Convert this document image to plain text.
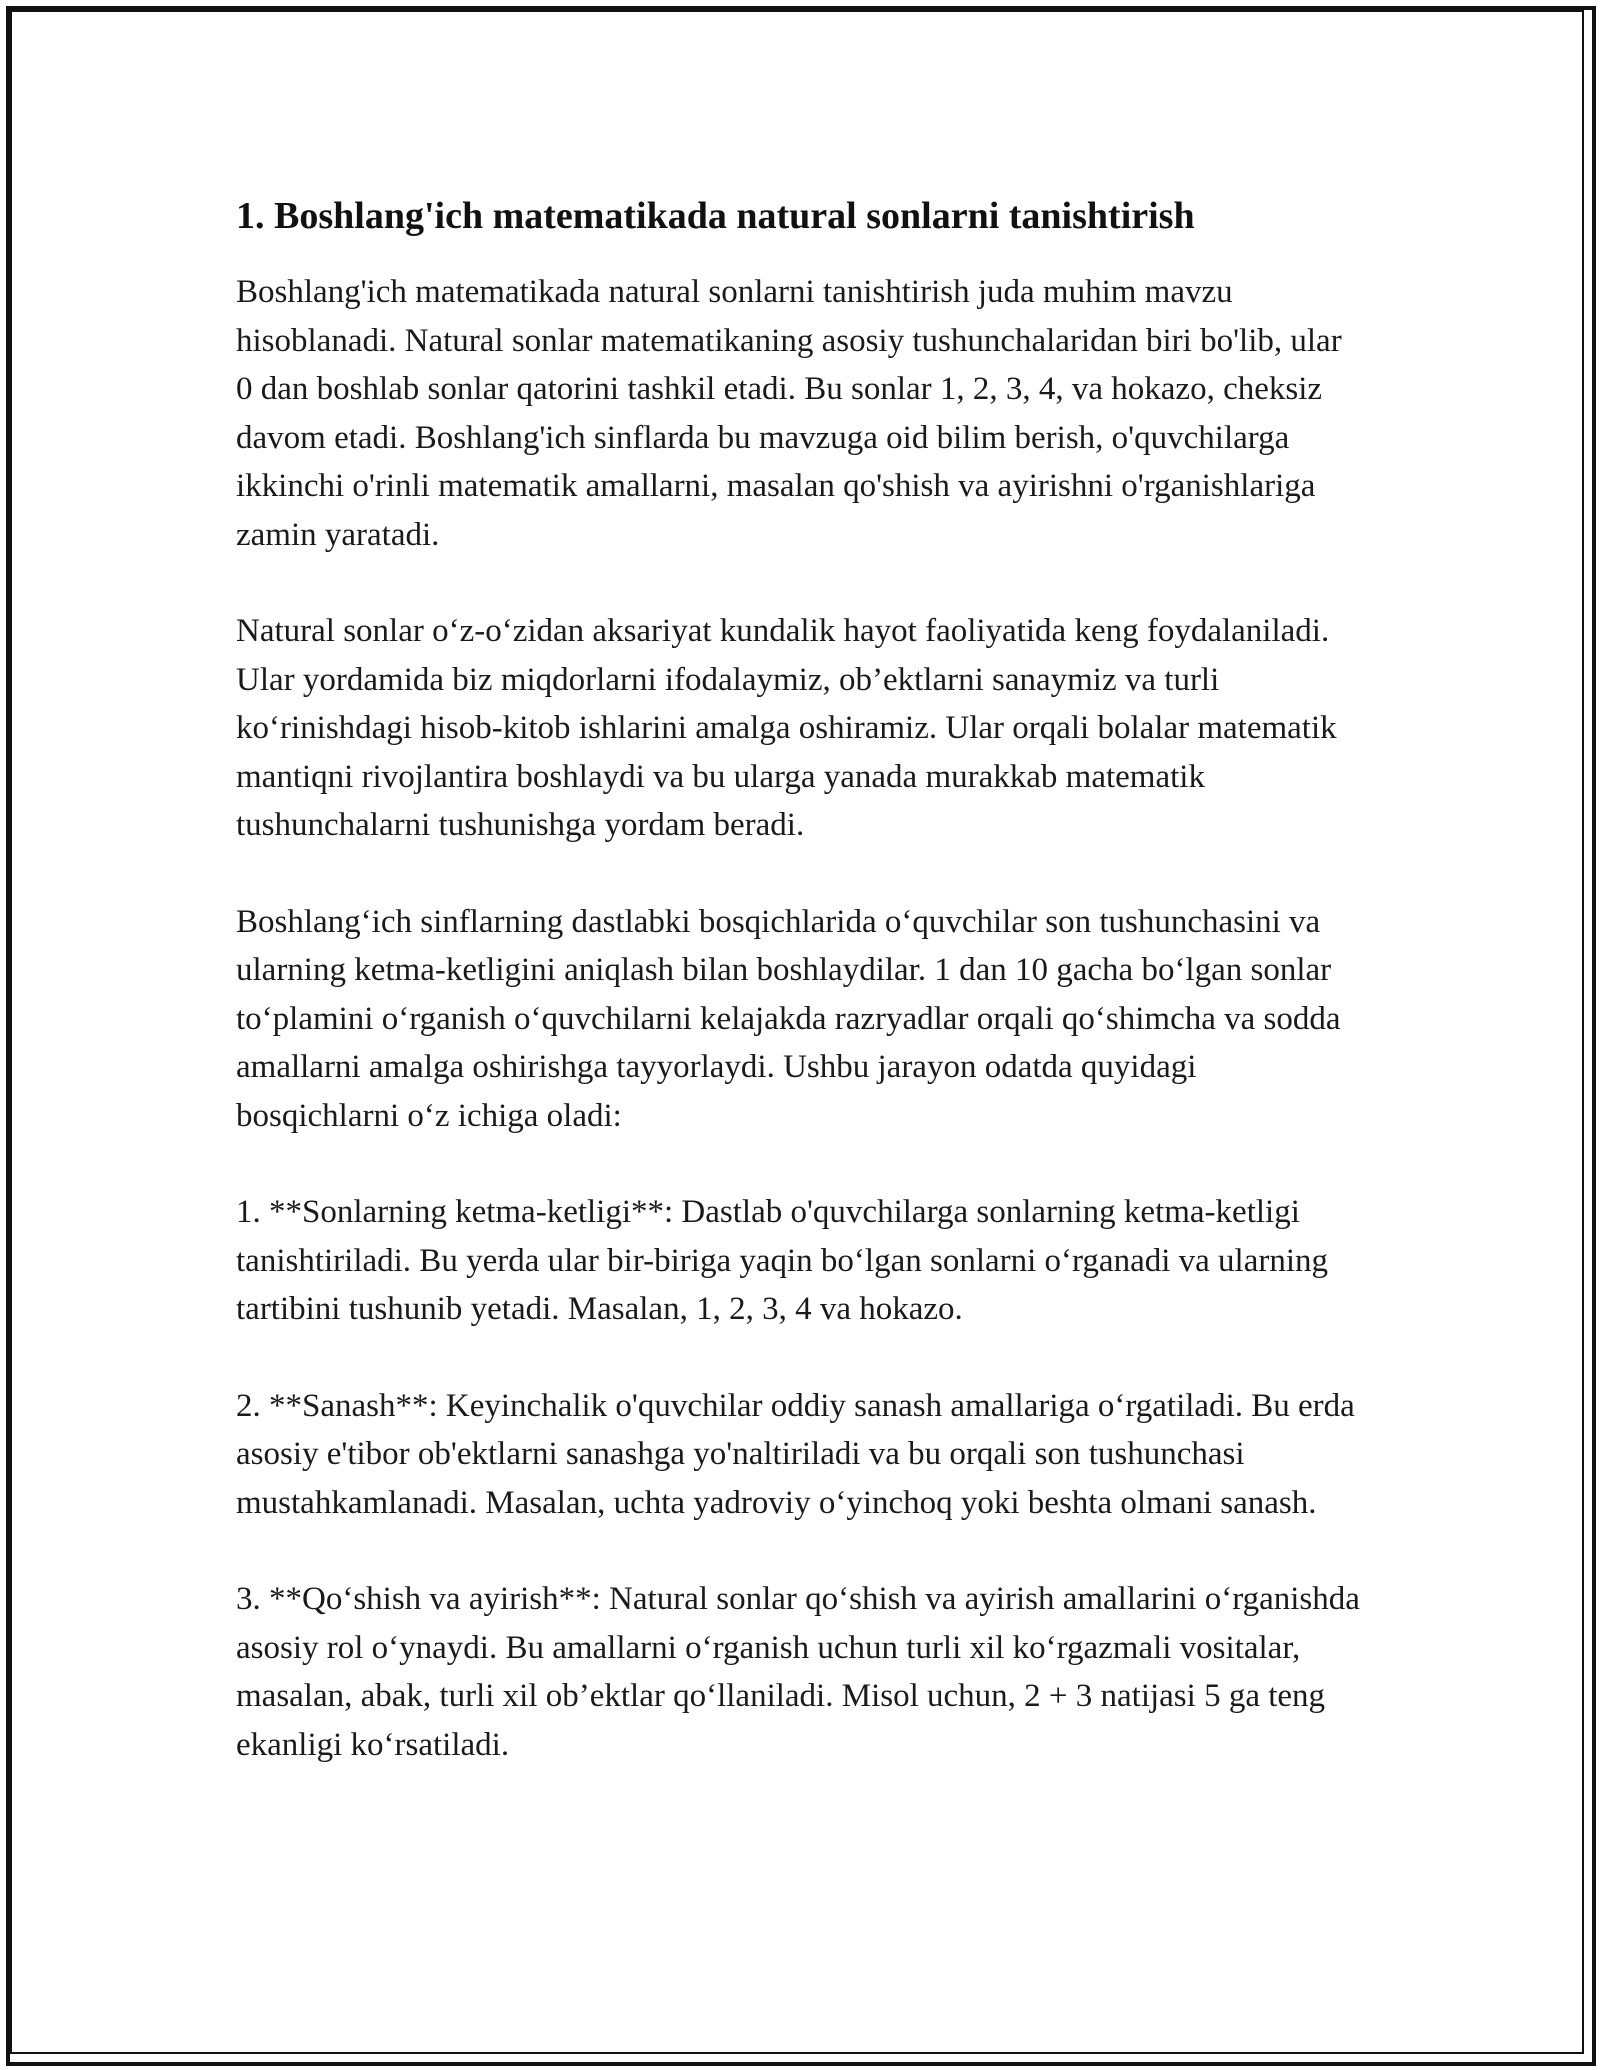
1. Boshlang'ich matematikada natural sonlarni tanishtirish

Boshlang'ich matematikada natural sonlarni tanishtirish juda muhim mavzu hisoblanadi. Natural sonlar matematikaning asosiy tushunchalaridan biri bo'lib, ular 0 dan boshlab sonlar qatorini tashkil etadi. Bu sonlar 1, 2, 3, 4, va hokazo, cheksiz davom etadi. Boshlang'ich sinflarda bu mavzuga oid bilim berish, o'quvchilarga ikkinchi o'rinli matematik amallarni, masalan qo'shish va ayirishni o'rganishlariga zamin yaratadi.

Natural sonlar o‘z-o‘zidan aksariyat kundalik hayot faoliyatida keng foydalaniladi. Ular yordamida biz miqdorlarni ifodalaymiz, ob’ektlarni sanaymiz va turli ko‘rinishdagi hisob-kitob ishlarini amalga oshiramiz. Ular orqali bolalar matematik mantiqni rivojlantira boshlaydi va bu ularga yanada murakkab matematik tushunchalarni tushunishga yordam beradi.

Boshlang‘ich sinflarning dastlabki bosqichlarida o‘quvchilar son tushunchasini va ularning ketma-ketligini aniqlash bilan boshlaydilar. 1 dan 10 gacha bo‘lgan sonlar to‘plamini o‘rganish o‘quvchilarni kelajakda razryadlar orqali qo‘shimcha va sodda amallarni amalga oshirishga tayyorlaydi. Ushbu jarayon odatda quyidagi bosqichlarni o‘z ichiga oladi:

1. **Sonlarning ketma-ketligi**: Dastlab o'quvchilarga sonlarning ketma-ketligi tanishtiriladi. Bu yerda ular bir-biriga yaqin bo‘lgan sonlarni o‘rganadi va ularning tartibini tushunib yetadi. Masalan, 1, 2, 3, 4 va hokazo.

2. **Sanash**: Keyinchalik o'quvchilar oddiy sanash amallariga o‘rgatiladi. Bu erda asosiy e'tibor ob'ektlarni sanashga yo'naltiriladi va bu orqali son tushunchasi mustahkamlanadi. Masalan, uchta yadroviy o‘yinchoq yoki beshta olmani sanash.

3. **Qo‘shish va ayirish**: Natural sonlar qo‘shish va ayirish amallarini o‘rganishda asosiy rol o‘ynaydi. Bu amallarni o‘rganish uchun turli xil ko‘rgazmali vositalar, masalan, abak, turli xil ob’ektlar qo‘llaniladi. Misol uchun, 2 + 3 natijasi 5 ga teng ekanligi ko‘rsatiladi.
